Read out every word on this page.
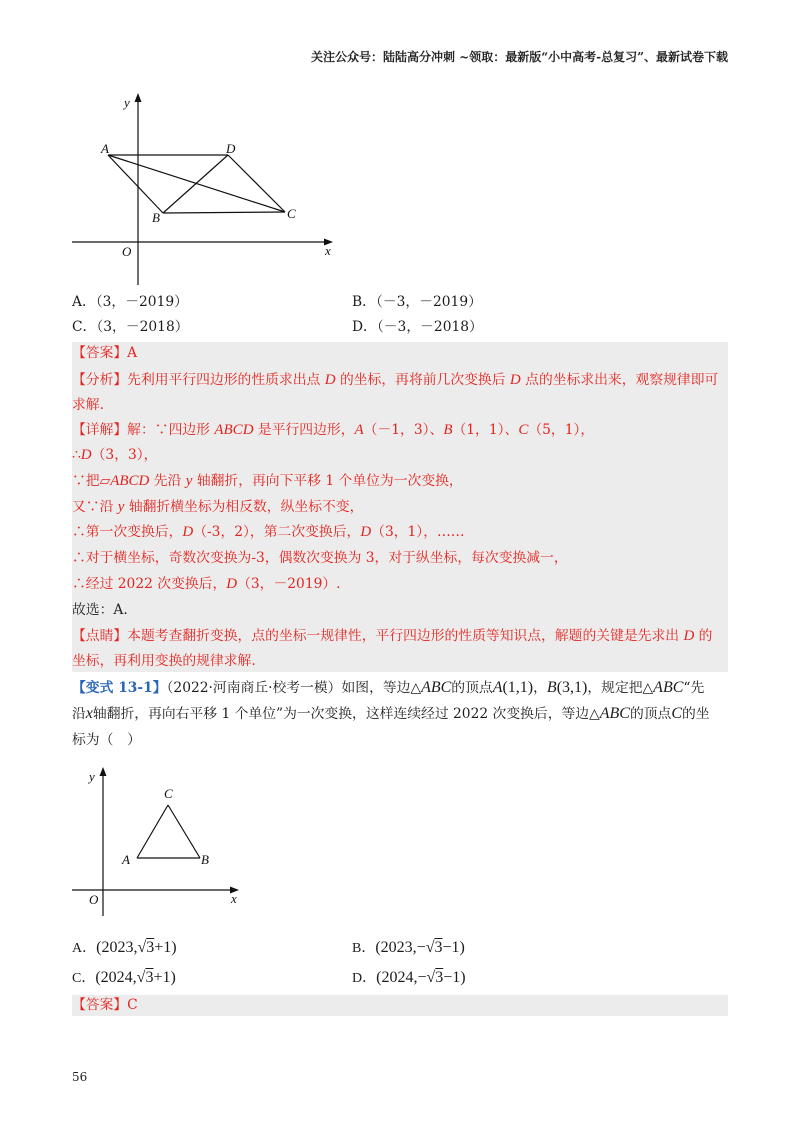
关注公众号：陆陆高分冲刺 ~领取：最新版“小中高考-总复习”、最新试卷下载
y
A	D
B	C
O	x
A．（3，－2019）	B．（－3，－2019）
C．（3，－2018）	D．（－3，－2018）
【答案】A
【分析】先利用平行四边形的性质求出点 D 的坐标，再将前几次变换后 D 点的坐标求出来，观察规律即可
求解.
【详解】解：∵四边形 ABCD 是平行四边形，A（－1，3）、B（1，1）、C（5，1），
∴D（3，3），
∵把▱ABCD 先沿 y 轴翻折，再向下平移 1 个单位为一次变换，
又∵沿 y 轴翻折横坐标为相反数，纵坐标不变，
∴第一次变换后，D（-3，2），第二次变换后，D（3，1），……
∴对于横坐标，奇数次变换为-3，偶数次变换为 3，对于纵坐标，每次变换减一，
∴经过 2022 次变换后，D（3，－2019）.
故选：A.
【点睛】本题考查翻折变换，点的坐标一规律性，平行四边形的性质等知识点，解题的关键是先求出 D 的
坐标，再利用变换的规律求解.
【变式 13-1】（2022·河南商丘·校考一模）如图，等边△ABC的顶点A(1,1)，B(3,1)，规定把△ABC“先
沿x轴翻折，再向右平移 1 个单位”为一次变换，这样连续经过 2022 次变换后，等边△ABC的顶点C的坐
标为（　）
y
C
A	B
O	x
A．(2023,√3+1)	B．(2023,−√3−1)
C．(2024,√3+1)	D．(2024,−√3−1)
【答案】C
56
